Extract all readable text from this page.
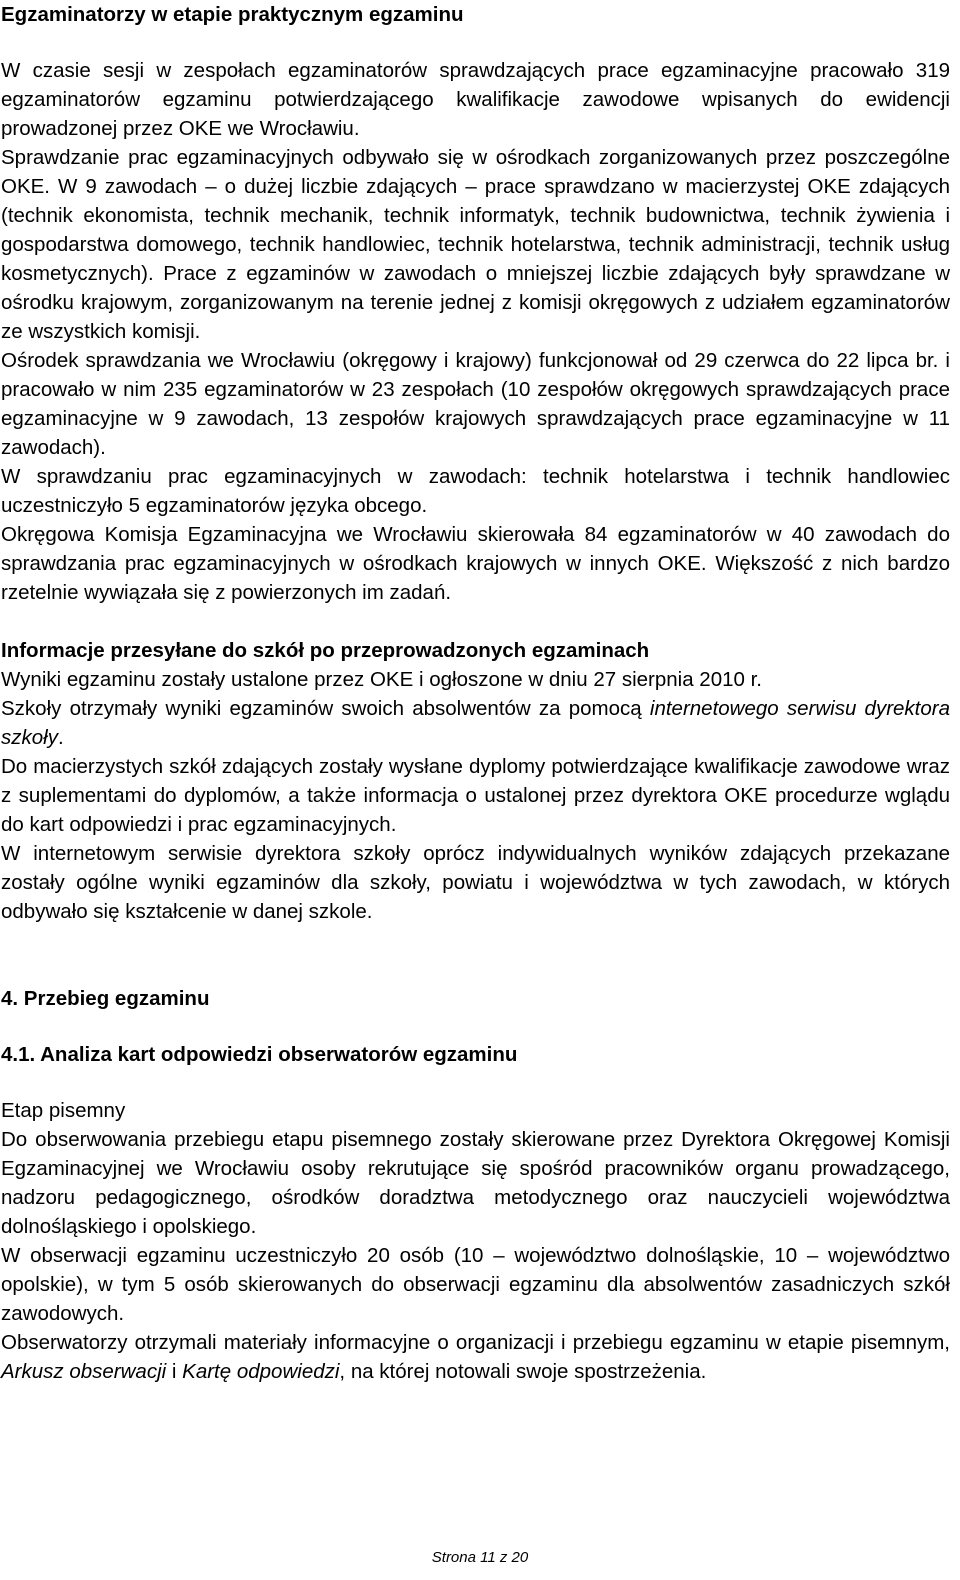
Egzaminatorzy w etapie praktycznym egzaminu

W czasie sesji w zespołach egzaminatorów sprawdzających prace egzaminacyjne pracowało 319 egzaminatorów egzaminu potwierdzającego kwalifikacje zawodowe wpisanych do ewidencji prowadzonej przez OKE we Wrocławiu.

Sprawdzanie prac egzaminacyjnych odbywało się w ośrodkach zorganizowanych przez poszczególne OKE. W 9 zawodach – o dużej liczbie zdających – prace sprawdzano w macierzystej OKE zdających (technik ekonomista, technik mechanik, technik informatyk, technik budownictwa, technik żywienia i gospodarstwa domowego, technik handlowiec, technik hotelarstwa, technik administracji, technik usług kosmetycznych). Prace z egzaminów w zawodach o mniejszej liczbie zdających były sprawdzane w ośrodku krajowym, zorganizowanym na terenie jednej z komisji okręgowych z udziałem egzaminatorów ze wszystkich komisji.

Ośrodek sprawdzania we Wrocławiu (okręgowy i krajowy) funkcjonował od 29 czerwca do 22 lipca br. i pracowało w nim 235 egzaminatorów w 23 zespołach (10 zespołów okręgowych sprawdzających prace egzaminacyjne w 9 zawodach, 13 zespołów krajowych sprawdzających prace egzaminacyjne w 11 zawodach).

W sprawdzaniu prac egzaminacyjnych w zawodach: technik hotelarstwa i technik handlowiec uczestniczyło 5 egzaminatorów języka obcego.

Okręgowa Komisja Egzaminacyjna we Wrocławiu skierowała 84 egzaminatorów w 40 zawodach do sprawdzania prac egzaminacyjnych w ośrodkach krajowych w innych OKE. Większość z nich bardzo rzetelnie wywiązała się z powierzonych im zadań.

Informacje przesyłane do szkół po przeprowadzonych egzaminach

Wyniki egzaminu zostały ustalone przez OKE i ogłoszone w dniu 27 sierpnia 2010 r.

Szkoły otrzymały wyniki egzaminów swoich absolwentów za pomocą internetowego serwisu dyrektora szkoły.

Do macierzystych szkół zdających zostały wysłane dyplomy potwierdzające kwalifikacje zawodowe wraz z suplementami do dyplomów, a także informacja o ustalonej przez dyrektora OKE procedurze wglądu do kart odpowiedzi i prac egzaminacyjnych.

W internetowym serwisie dyrektora szkoły oprócz indywidualnych wyników zdających przekazane zostały ogólne wyniki egzaminów dla szkoły, powiatu i województwa w tych zawodach, w których odbywało się kształcenie w danej szkole.

4. Przebieg egzaminu
4.1. Analiza kart odpowiedzi obserwatorów egzaminu
Etap pisemny

Do obserwowania przebiegu etapu pisemnego zostały skierowane przez Dyrektora Okręgowej Komisji Egzaminacyjnej we Wrocławiu osoby rekrutujące się spośród pracowników organu prowadzącego, nadzoru pedagogicznego, ośrodków doradztwa metodycznego oraz nauczycieli województwa dolnośląskiego i opolskiego.

W obserwacji egzaminu uczestniczyło 20 osób (10 – województwo dolnośląskie, 10 – województwo opolskie), w tym 5 osób skierowanych do obserwacji egzaminu dla absolwentów zasadniczych szkół zawodowych.

Obserwatorzy otrzymali materiały informacyjne o organizacji i przebiegu egzaminu w etapie pisemnym, Arkusz obserwacji i Kartę odpowiedzi, na której notowali swoje spostrzeżenia.

Strona 11 z 20
